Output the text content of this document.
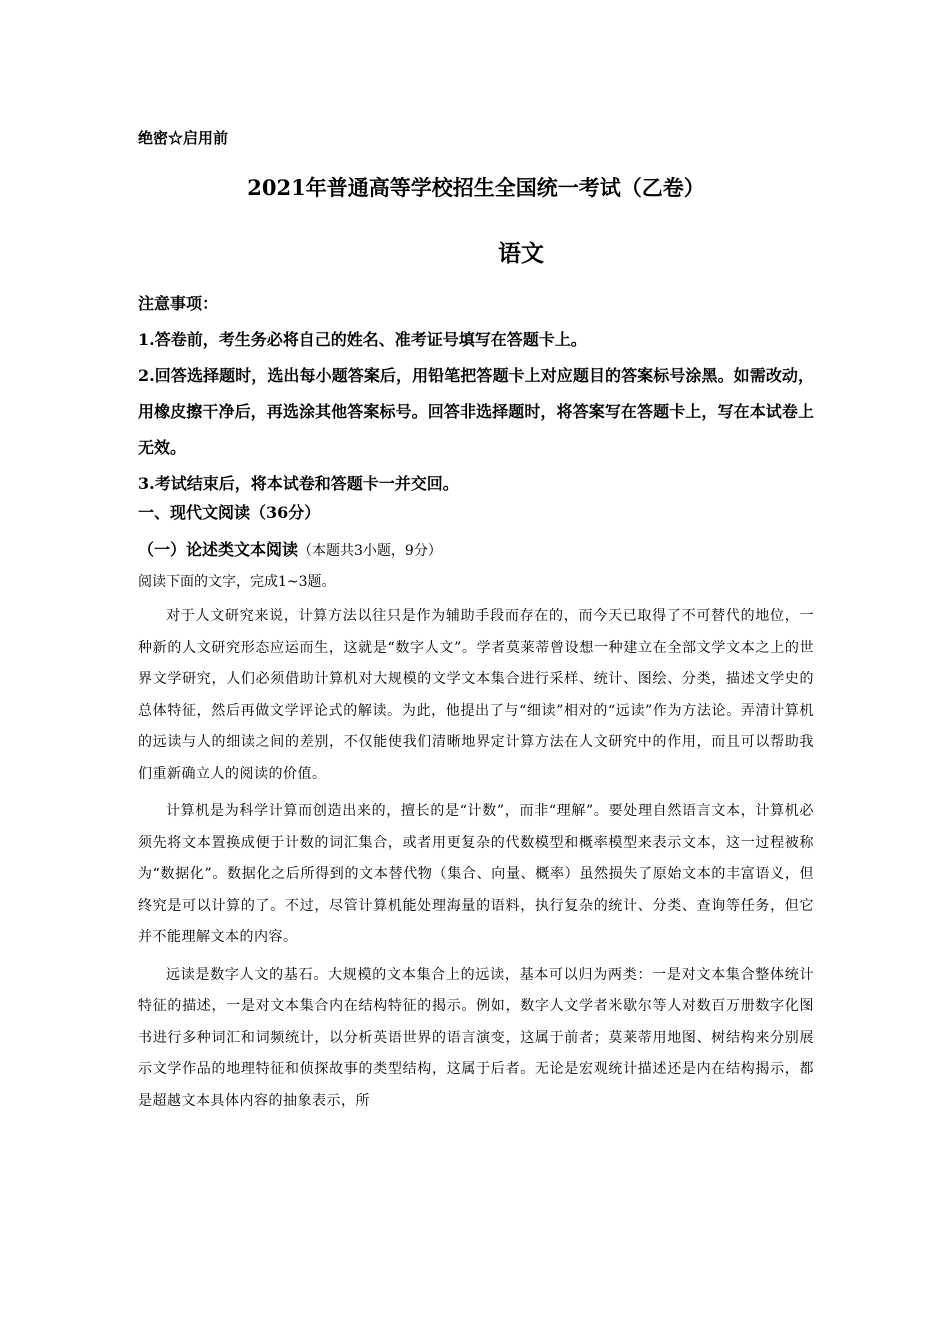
绝密☆启用前
2021年普通高等学校招生全国统一考试（乙卷）
语文

注意事项：

1.答卷前，考生务必将自己的姓名、准考证号填写在答题卡上。

2.回答选择题时，选出每小题答案后，用铅笔把答题卡上对应题目的答案标号涂黑。如需改动，用橡皮擦干净后，再选涂其他答案标号。回答非选择题时，将答案写在答题卡上，写在本试卷上无效。

3.考试结束后，将本试卷和答题卡一并交回。

一、现代文阅读（36分）
（一）论述类文本阅读（本题共3小题，9分）
阅读下面的文字，完成1~3题。

对于人文研究来说，计算方法以往只是作为辅助手段而存在的，而今天已取得了不可替代的地位，一种新的人文研究形态应运而生，这就是“数字人文”。学者莫莱蒂曾设想一种建立在全部文学文本之上的世界文学研究，人们必须借助计算机对大规模的文学文本集合进行采样、统计、图绘、分类，描述文学史的总体特征，然后再做文学评论式的解读。为此，他提出了与“细读”相对的“远读”作为方法论。弄清计算机的远读与人的细读之间的差别，不仅能使我们清晰地界定计算方法在人文研究中的作用，而且可以帮助我们重新确立人的阅读的价值。

计算机是为科学计算而创造出来的，擅长的是“计数”，而非“理解”。要处理自然语言文本，计算机必须先将文本置换成便于计数的词汇集合，或者用更复杂的代数模型和概率模型来表示文本，这一过程被称为“数据化”。数据化之后所得到的文本替代物（集合、向量、概率）虽然损失了原始文本的丰富语义，但终究是可以计算的了。不过，尽管计算机能处理海量的语料，执行复杂的统计、分类、查询等任务，但它并不能理解文本的内容。

远读是数字人文的基石。大规模的文本集合上的远读，基本可以归为两类：一是对文本集合整体统计特征的描述，一是对文本集合内在结构特征的揭示。例如，数字人文学者米歇尔等人对数百万册数字化图书进行多种词汇和词频统计，以分析英语世界的语言演变，这属于前者；莫莱蒂用地图、树结构来分别展示文学作品的地理特征和侦探故事的类型结构，这属于后者。无论是宏观统计描述还是内在结构揭示，都是超越文本具体内容的抽象表示，所
